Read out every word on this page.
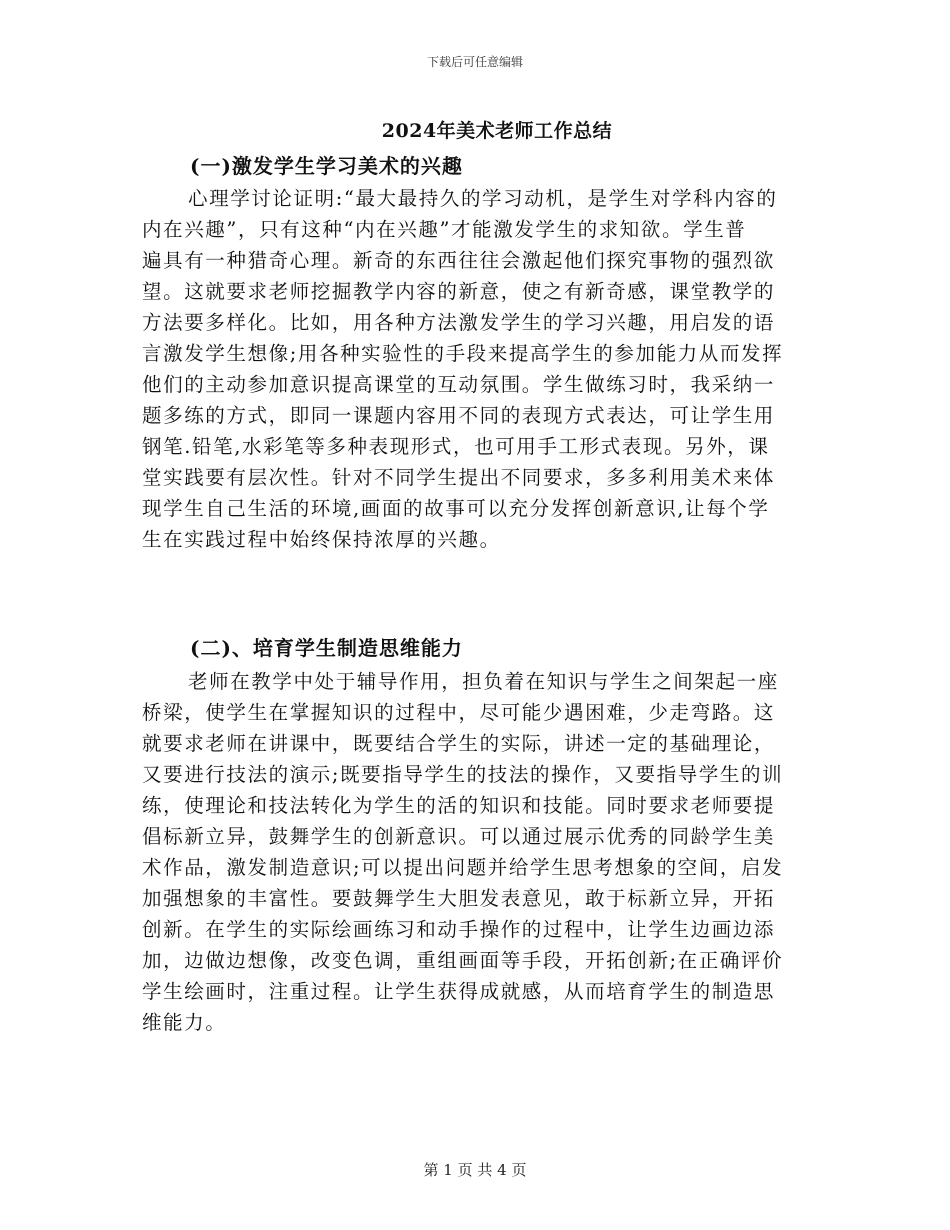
下载后可任意编辑
2024年美术老师工作总结
(一)激发学生学习美术的兴趣
心理学讨论证明:“最大最持久的学习动机，是学生对学科内容的
内在兴趣”，只有这种“内在兴趣”才能激发学生的求知欲。学生普
遍具有一种猎奇心理。新奇的东西往往会激起他们探究事物的强烈欲
望。这就要求老师挖掘教学内容的新意，使之有新奇感，课堂教学的
方法要多样化。比如，用各种方法激发学生的学习兴趣，用启发的语
言激发学生想像;用各种实验性的手段来提高学生的参加能力从而发挥
他们的主动参加意识提高课堂的互动氛围。学生做练习时，我采纳一
题多练的方式，即同一课题内容用不同的表现方式表达，可让学生用
钢笔.铅笔,水彩笔等多种表现形式，也可用手工形式表现。另外，课
堂实践要有层次性。针对不同学生提出不同要求，多多利用美术来体
现学生自己生活的环境,画面的故事可以充分发挥创新意识,让每个学
生在实践过程中始终保持浓厚的兴趣。
(二)、培育学生制造思维能力
老师在教学中处于辅导作用，担负着在知识与学生之间架起一座
桥梁，使学生在掌握知识的过程中，尽可能少遇困难，少走弯路。这
就要求老师在讲课中，既要结合学生的实际，讲述一定的基础理论，
又要进行技法的演示;既要指导学生的技法的操作，又要指导学生的训
练，使理论和技法转化为学生的活的知识和技能。同时要求老师要提
倡标新立异，鼓舞学生的创新意识。可以通过展示优秀的同龄学生美
术作品，激发制造意识;可以提出问题并给学生思考想象的空间，启发
加强想象的丰富性。要鼓舞学生大胆发表意见，敢于标新立异，开拓
创新。在学生的实际绘画练习和动手操作的过程中，让学生边画边添
加，边做边想像，改变色调，重组画面等手段，开拓创新;在正确评价
学生绘画时，注重过程。让学生获得成就感，从而培育学生的制造思
维能力。
第 1 页 共 4 页
